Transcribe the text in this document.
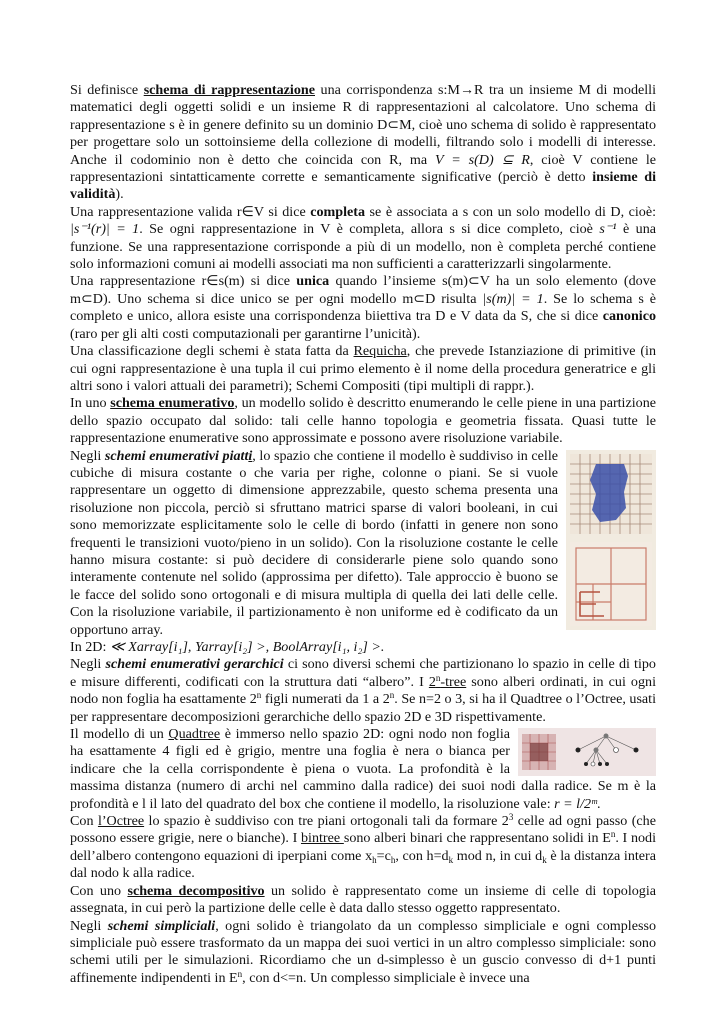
Si definisce schema di rappresentazione una corrispondenza s:M→R tra un insieme M di modelli matematici degli oggetti solidi e un insieme R di rappresentazioni al calcolatore. Uno schema di rappresentazione s è in genere definito su un dominio D⊂M, cioè uno schema di solido è rappresentato per progettare solo un sottoinsieme della collezione di modelli, filtrando solo i modelli di interesse. Anche il codominio non è detto che coincida con R, ma V = s(D) ⊆ R, cioè V contiene le rappresentazioni sintatticamente corrette e semanticamente significative (perciò è detto insieme di validità).

Una rappresentazione valida r∈V si dice completa se è associata a s con un solo modello di D, cioè: |s⁻¹(r)| = 1. Se ogni rappresentazione in V è completa, allora s si dice completo, cioè s⁻¹ è una funzione. Se una rappresentazione corrisponde a più di un modello, non è completa perché contiene solo informazioni comuni ai modelli associati ma non sufficienti a caratterizzarli singolarmente.

Una rappresentazione r∈s(m) si dice unica quando l’insieme s(m)⊂V ha un solo elemento (dove m⊂D). Uno schema si dice unico se per ogni modello m⊂D risulta |s(m)| = 1. Se lo schema s è completo e unico, allora esiste una corrispondenza biiettiva tra D e V data da S, che si dice canonico (raro per gli alti costi computazionali per garantirne l’unicità).

Una classificazione degli schemi è stata fatta da Requicha, che prevede Istanziazione di primitive (in cui ogni rappresentazione è una tupla il cui primo elemento è il nome della procedura generatrice e gli altri sono i valori attuali dei parametri); Schemi Compositi (tipi multipli di rappr.).

In uno schema enumerativo, un modello solido è descritto enumerando le celle piene in una partizione dello spazio occupato dal solido: tali celle hanno topologia e geometria fissata. Quasi tutte le rappresentazione enumerative sono approssimate e possono avere risoluzione variabile.

Negli schemi enumerativi piatti, lo spazio che contiene il modello è suddiviso in celle cubiche di misura costante o che varia per righe, colonne o piani. Se si vuole rappresentare un oggetto di dimensione apprezzabile, questo schema presenta una risoluzione non piccola, perciò si sfruttano matrici sparse di valori booleani, in cui sono memorizzate esplicitamente solo le celle di bordo (infatti in genere non sono frequenti le transizioni vuoto/pieno in un solido). Con la risoluzione costante le celle hanno misura costante: si può decidere di considerarle piene solo quando sono interamente contenute nel solido (approssima per difetto). Tale approccio è buono se le facce del solido sono ortogonali e di misura multipla di quella dei lati delle celle. Con la risoluzione variabile, il partizionamento è non uniforme ed è codificato da un opportuno array.

In 2D: ≪ Xarray[i₁], Yarray[i₂] >, BoolArray[i₁, i₂] >.

Negli schemi enumerativi gerarchici ci sono diversi schemi che partizionano lo spazio in celle di tipo e misure differenti, codificati con la struttura dati “albero”. I 2$^n$-tree sono alberi ordinati, in cui ogni nodo non foglia ha esattamente 2$^n$ figli numerati da 1 a 2$^n$. Se n=2 o 3, si ha il Quadtree o l’Octree, usati per rappresentare decomposizioni gerarchiche dello spazio 2D e 3D rispettivamente.

Il modello di un Quadtree è immerso nello spazio 2D: ogni nodo non foglia ha esattamente 4 figli ed è grigio, mentre una foglia è nera o bianca per indicare che la cella corrispondente è piena o vuota. La profondità è la massima distanza (numero di archi nel cammino dalla radice) dei suoi nodi dalla radice. Se m è la profondità e l il lato del quadrato del box che contiene il modello, la risoluzione vale: r = l/2ᵐ.

Con l’Octree lo spazio è suddiviso con tre piani ortogonali tali da formare $2^3$ celle ad ogni passo (che possono essere grigie, nere o bianche). I bintree sono alberi binari che rappresentano solidi in $E^n$. I nodi dell’albero contengono equazioni di iperpiani come $x_h=c_h$, con $h=d_k$ mod n, in cui $d_k$ è la distanza intera dal nodo k alla radice.

Con uno schema decompositivo un solido è rappresentato come un insieme di celle di topologia assegnata, in cui però la partizione delle celle è data dallo stesso oggetto rappresentato.

Negli schemi simpliciali, ogni solido è triangolato da un complesso simpliciale e ogni complesso simpliciale può essere trasformato da un mappa dei suoi vertici in un altro complesso simpliciale: sono schemi utili per le simulazioni. Ricordiamo che un d-simplesso è un guscio convesso di d+1 punti affinemente indipendenti in $E^n$, con d<=n. Un complesso simpliciale è invece una
